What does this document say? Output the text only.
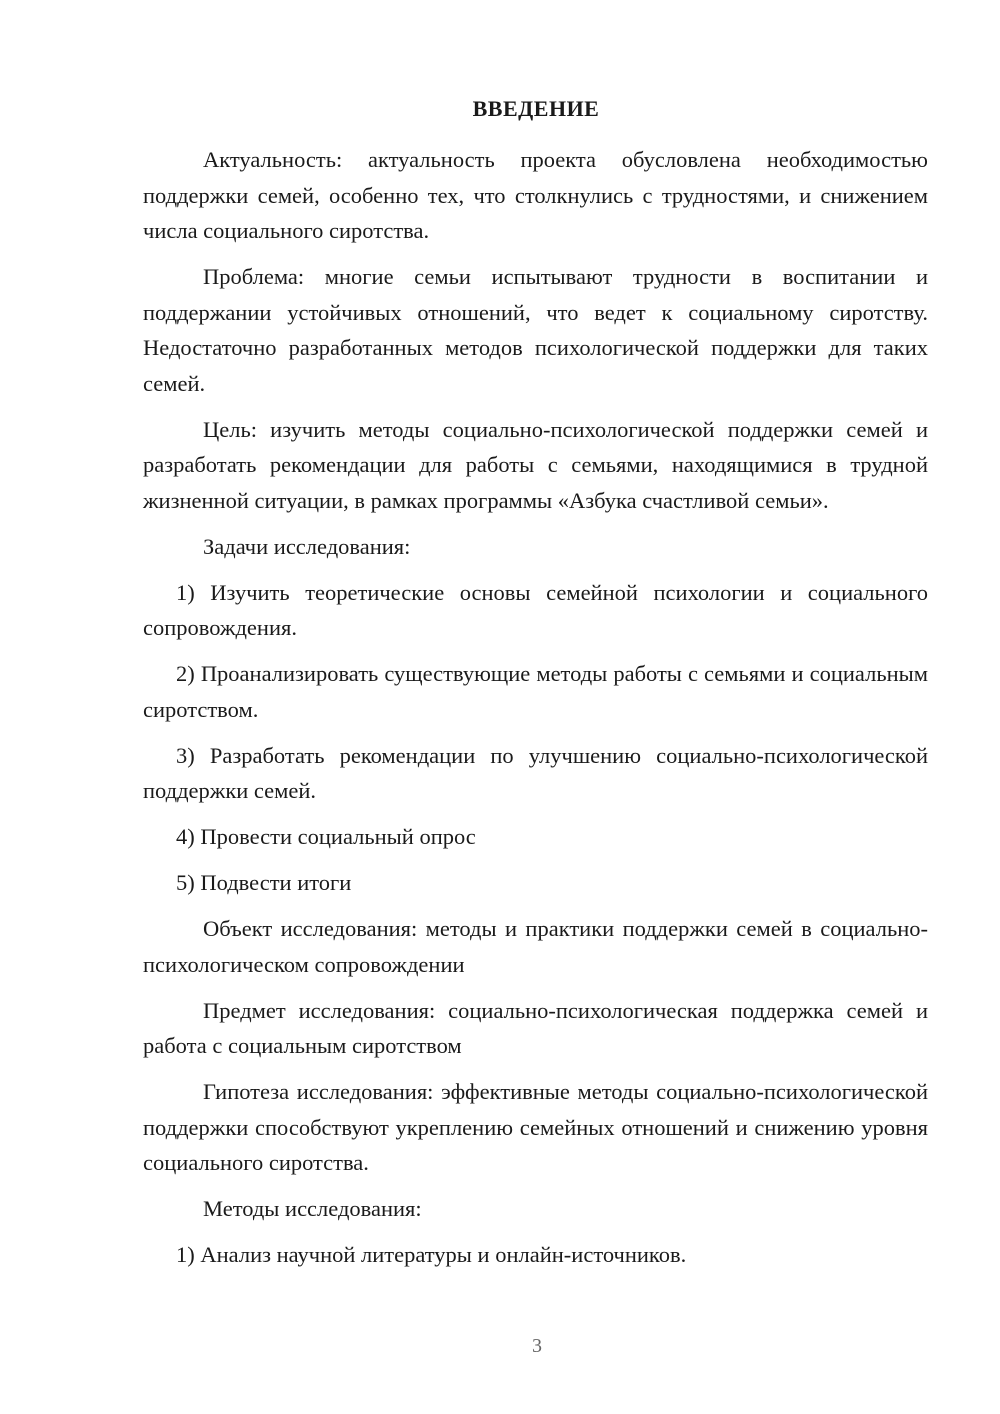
ВВЕДЕНИЕ

Актуальность: актуальность проекта обусловлена необходимостью поддержки семей, особенно тех, что столкнулись с трудностями, и снижением числа социального сиротства.

Проблема: многие семьи испытывают трудности в воспитании и поддержании устойчивых отношений, что ведет к социальному сиротству. Недостаточно разработанных методов психологической поддержки для таких семей.

Цель: изучить методы социально-психологической поддержки семей и разработать рекомендации для работы с семьями, находящимися в трудной жизненной ситуации, в рамках программы «Азбука счастливой семьи».

Задачи исследования:

1) Изучить теоретические основы семейной психологии и социального сопровождения.

2) Проанализировать существующие методы работы с семьями и социальным сиротством.

3) Разработать рекомендации по улучшению социально-психологической поддержки семей.

4) Провести социальный опрос

5) Подвести итоги

Объект исследования: методы и практики поддержки семей в социально-психологическом сопровождении

Предмет исследования: социально-психологическая поддержка семей и работа с социальным сиротством

Гипотеза исследования: эффективные методы социально-психологической поддержки способствуют укреплению семейных отношений и снижению уровня социального сиротства.

Методы исследования:

1) Анализ научной литературы и онлайн-источников.

3
